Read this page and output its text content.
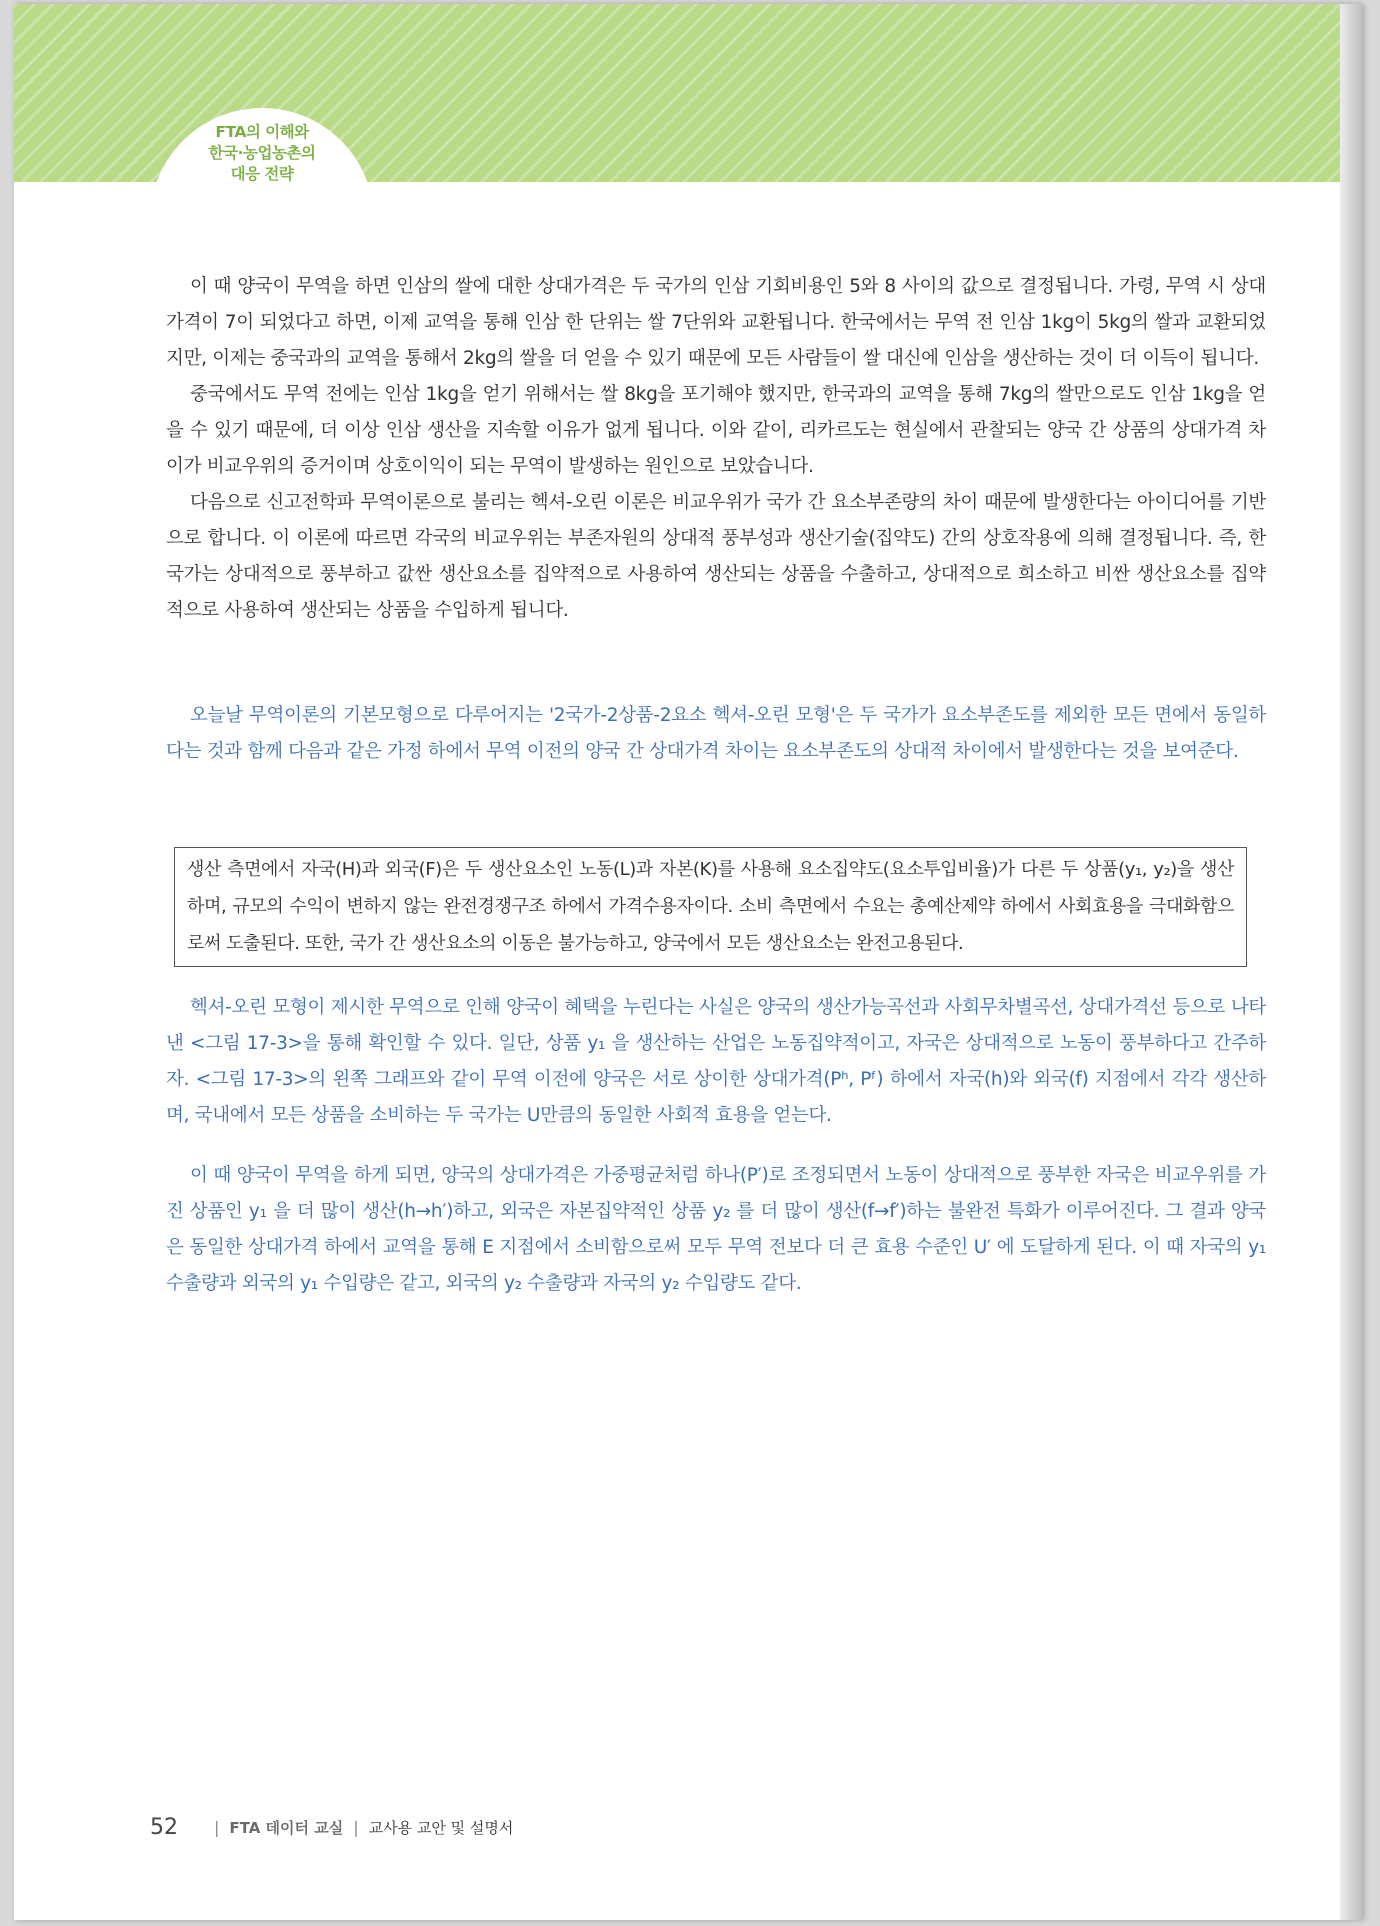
FTA의 이해와
한국·농업농촌의
대응 전략

이 때 양국이 무역을 하면 인삼의 쌀에 대한 상대가격은 두 국가의 인삼 기회비용인 5와 8 사이의 값으로 결정됩니다. 가령, 무역 시 상대가격이 7이 되었다고 하면, 이제 교역을 통해 인삼 한 단위는 쌀 7단위와 교환됩니다. 한국에서는 무역 전 인삼 1kg이 5kg의 쌀과 교환되었지만, 이제는 중국과의 교역을 통해서 2kg의 쌀을 더 얻을 수 있기 때문에 모든 사람들이 쌀 대신에 인삼을 생산하는 것이 더 이득이 됩니다.

중국에서도 무역 전에는 인삼 1kg을 얻기 위해서는 쌀 8kg을 포기해야 했지만, 한국과의 교역을 통해 7kg의 쌀만으로도 인삼 1kg을 얻을 수 있기 때문에, 더 이상 인삼 생산을 지속할 이유가 없게 됩니다. 이와 같이, 리카르도는 현실에서 관찰되는 양국 간 상품의 상대가격 차이가 비교우위의 증거이며 상호이익이 되는 무역이 발생하는 원인으로 보았습니다.

다음으로 신고전학파 무역이론으로 불리는 헥셔-오린 이론은 비교우위가 국가 간 요소부존량의 차이 때문에 발생한다는 아이디어를 기반으로 합니다. 이 이론에 따르면 각국의 비교우위는 부존자원의 상대적 풍부성과 생산기술(집약도) 간의 상호작용에 의해 결정됩니다. 즉, 한 국가는 상대적으로 풍부하고 값싼 생산요소를 집약적으로 사용하여 생산되는 상품을 수출하고, 상대적으로 희소하고 비싼 생산요소를 집약적으로 사용하여 생산되는 상품을 수입하게 됩니다.

오늘날 무역이론의 기본모형으로 다루어지는 '2국가-2상품-2요소 헥셔-오린 모형'은 두 국가가 요소부존도를 제외한 모든 면에서 동일하다는 것과 함께 다음과 같은 가정 하에서 무역 이전의 양국 간 상대가격 차이는 요소부존도의 상대적 차이에서 발생한다는 것을 보여준다.

생산 측면에서 자국(H)과 외국(F)은 두 생산요소인 노동(L)과 자본(K)를 사용해 요소집약도(요소투입비율)가 다른 두 상품(y₁, y₂)을 생산하며, 규모의 수익이 변하지 않는 완전경쟁구조 하에서 가격수용자이다. 소비 측면에서 수요는 총예산제약 하에서 사회효용을 극대화함으로써 도출된다. 또한, 국가 간 생산요소의 이동은 불가능하고, 양국에서 모든 생산요소는 완전고용된다.

헥셔-오린 모형이 제시한 무역으로 인해 양국이 혜택을 누린다는 사실은 양국의 생산가능곡선과 사회무차별곡선, 상대가격선 등으로 나타낸 <그림 17-3>을 통해 확인할 수 있다. 일단, 상품 y₁ 을 생산하는 산업은 노동집약적이고, 자국은 상대적으로 노동이 풍부하다고 간주하자. <그림 17-3>의 왼쪽 그래프와 같이 무역 이전에 양국은 서로 상이한 상대가격(Pʰ, Pᶠ) 하에서 자국(h)와 외국(f) 지점에서 각각 생산하며, 국내에서 모든 상품을 소비하는 두 국가는 U만큼의 동일한 사회적 효용을 얻는다.

이 때 양국이 무역을 하게 되면, 양국의 상대가격은 가중평균처럼 하나(P′)로 조정되면서 노동이 상대적으로 풍부한 자국은 비교우위를 가진 상품인 y₁ 을 더 많이 생산(h→h′)하고, 외국은 자본집약적인 상품 y₂ 를 더 많이 생산(f→f′)하는 불완전 특화가 이루어진다. 그 결과 양국은 동일한 상대가격 하에서 교역을 통해 E 지점에서 소비함으로써 모두 무역 전보다 더 큰 효용 수준인 U′ 에 도달하게 된다. 이 때 자국의 y₁ 수출량과 외국의 y₁ 수입량은 같고, 외국의 y₂ 수출량과 자국의 y₂ 수입량도 같다.

52 | FTA 데이터 교실 | 교사용 교안 및 설명서
